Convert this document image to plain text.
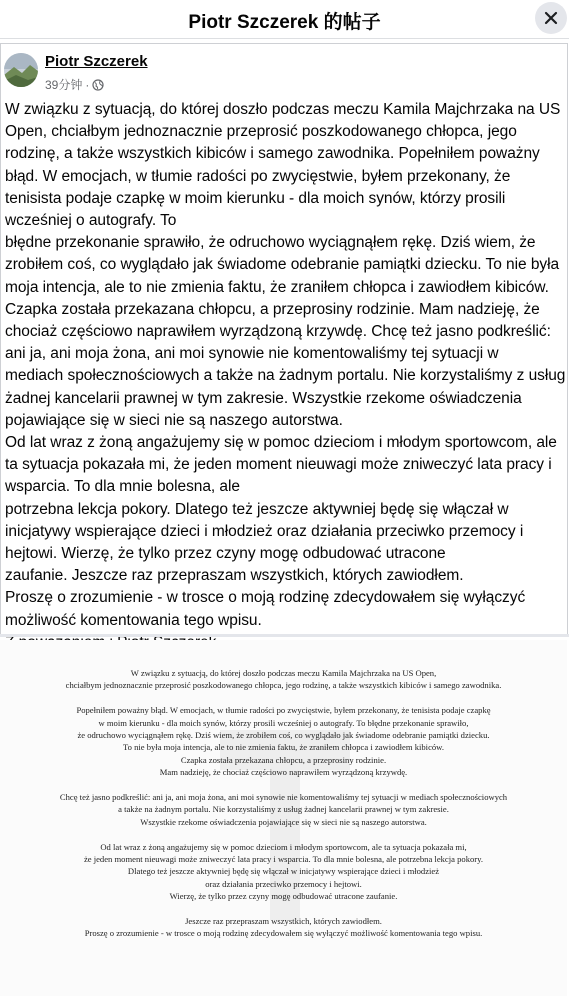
Piotr Szczerek 的帖子
Piotr Szczerek
39分钟 ·

W związku z sytuacją, do której doszło podczas meczu Kamila Majchrzaka na US

Open, chciałbym jednoznacznie przeprosić poszkodowanego chłopca, jego

rodzinę, a także wszystkich kibiców i samego zawodnika. Popełniłem poważny

błąd. W emocjach, w tłumie radości po zwycięstwie, byłem przekonany, że

tenisista podaje czapkę w moim kierunku - dla moich synów, którzy prosili

wcześniej o autografy. To

błędne przekonanie sprawiło, że odruchowo wyciągnąłem rękę. Dziś wiem, że

zrobiłem coś, co wyglądało jak świadome odebranie pamiątki dziecku. To nie była

moja intencja, ale to nie zmienia faktu, że zraniłem chłopca i zawiodłem kibiców.

Czapka została przekazana chłopcu, a przeprosiny rodzinie. Mam nadzieję, że

chociaż częściowo naprawiłem wyrządzoną krzywdę. Chcę też jasno podkreślić:

ani ja, ani moja żona, ani moi synowie nie komentowaliśmy tej sytuacji w

mediach społecznościowych a także na żadnym portalu. Nie korzystaliśmy z usług

żadnej kancelarii prawnej w tym zakresie. Wszystkie rzekome oświadczenia

pojawiające się w sieci nie są naszego autorstwa.

Od lat wraz z żoną angażujemy się w pomoc dzieciom i młodym sportowcom, ale

ta sytuacja pokazała mi, że jeden moment nieuwagi może zniweczyć lata pracy i

wsparcia. To dla mnie bolesna, ale

potrzebna lekcja pokory. Dlatego też jeszcze aktywniej będę się włączał w

inicjatywy wspierające dzieci i młodzież oraz działania przeciwko przemocy i

hejtowi. Wierzę, że tylko przez czyny mogę odbudować utracone

zaufanie. Jeszcze raz przepraszam wszystkich, których zawiodłem.

Proszę o zrozumienie - w trosce o moją rodzinę zdecydowałem się wyłączyć

możliwość komentowania tego wpisu.

W związku z sytuacją, do której doszło podczas meczu Kamila Majchrzaka na US Open,

chciałbym jednoznacznie przeprosić poszkodowanego chłopca, jego rodzinę, a także wszystkich kibiców i samego zawodnika.

Popełniłem poważny błąd. W emocjach, w tłumie radości po zwycięstwie, byłem przekonany, że tenisista podaje czapkę

w moim kierunku - dla moich synów, którzy prosili wcześniej o autografy. To błędne przekonanie sprawiło,

że odruchowo wyciągnąłem rękę. Dziś wiem, że zrobiłem coś, co wyglądało jak świadome odebranie pamiątki dziecku.

To nie była moja intencja, ale to nie zmienia faktu, że zraniłem chłopca i zawiodłem kibiców.

Czapka została przekazana chłopcu, a przeprosiny rodzinie.

Mam nadzieję, że chociaż częściowo naprawiłem wyrządzoną krzywdę.

Chcę też jasno podkreślić: ani ja, ani moja żona, ani moi synowie nie komentowaliśmy tej sytuacji w mediach społecznościowych

a także na żadnym portalu. Nie korzystaliśmy z usług żadnej kancelarii prawnej w tym zakresie.

Wszystkie rzekome oświadczenia pojawiające się w sieci nie są naszego autorstwa.

Od lat wraz z żoną angażujemy się w pomoc dzieciom i młodym sportowcom, ale ta sytuacja pokazała mi,

że jeden moment nieuwagi może zniweczyć lata pracy i wsparcia. To dla mnie bolesna, ale potrzebna lekcja pokory.

Dlatego też jeszcze aktywniej będę się włączał w inicjatywy wspierające dzieci i młodzież

oraz działania przeciwko przemocy i hejtowi.

Wierzę, że tylko przez czyny mogę odbudować utracone zaufanie.

Jeszcze raz przepraszam wszystkich, których zawiodłem.

Proszę o zrozumienie - w trosce o moją rodzinę zdecydowałem się wyłączyć możliwość komentowania tego wpisu.
